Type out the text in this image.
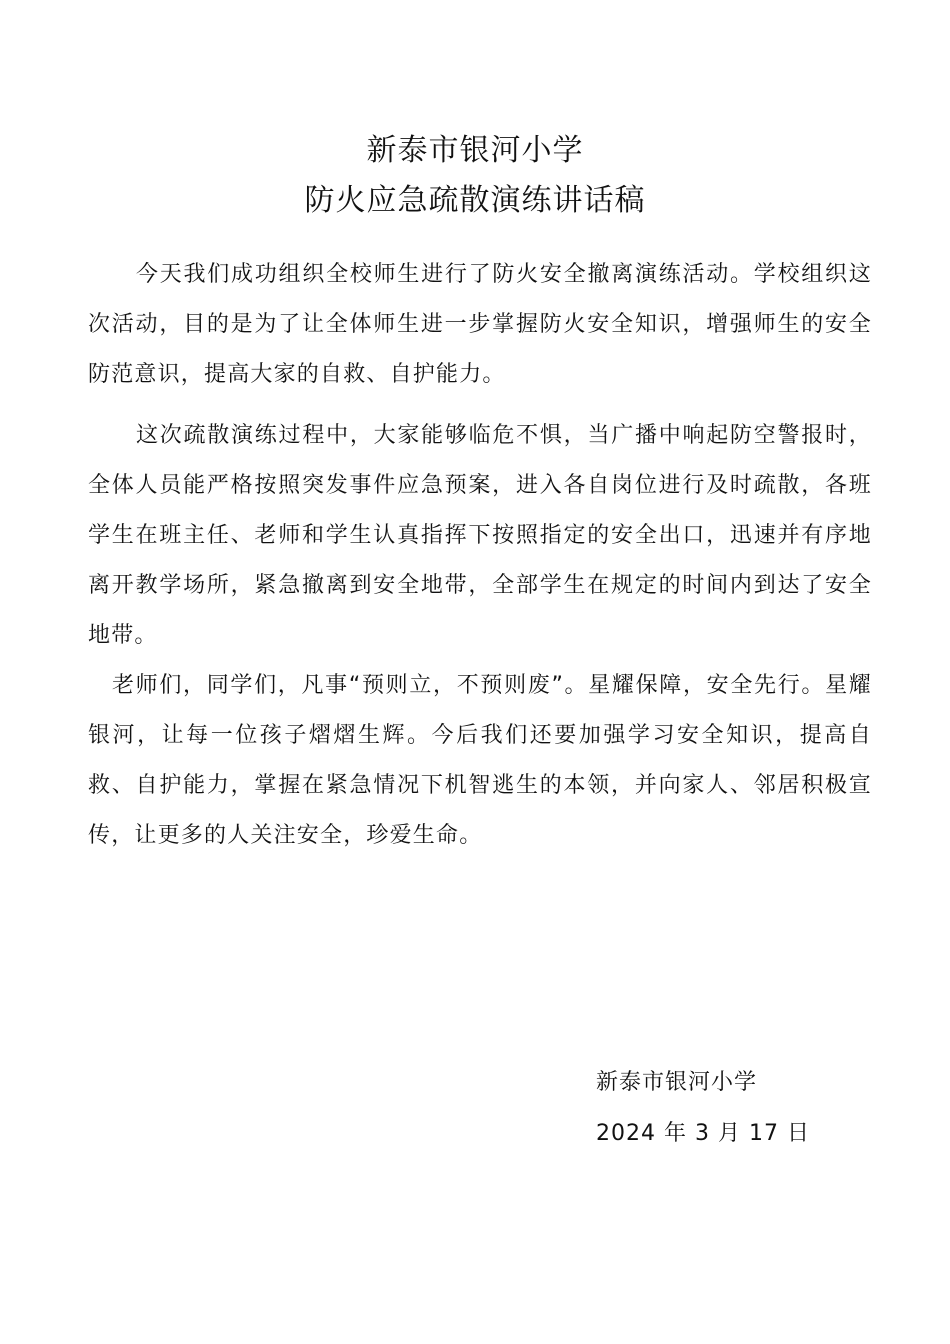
新泰市银河小学
防火应急疏散演练讲话稿

今天我们成功组织全校师生进行了防火安全撤离演练活动。学校组织这次活动，目的是为了让全体师生进一步掌握防火安全知识，增强师生的安全防范意识，提高大家的自救、自护能力。

这次疏散演练过程中，大家能够临危不惧，当广播中响起防空警报时，全体人员能严格按照突发事件应急预案，进入各自岗位进行及时疏散，各班学生在班主任、老师和学生认真指挥下按照指定的安全出口，迅速并有序地离开教学场所，紧急撤离到安全地带，全部学生在规定的时间内到达了安全地带。

老师们，同学们，凡事“预则立，不预则废”。星耀保障，安全先行。星耀银河，让每一位孩子熠熠生辉。今后我们还要加强学习安全知识，提高自救、自护能力，掌握在紧急情况下机智逃生的本领，并向家人、邻居积极宣传，让更多的人关注安全，珍爱生命。

新泰市银河小学
2024 年 3 月 17 日
